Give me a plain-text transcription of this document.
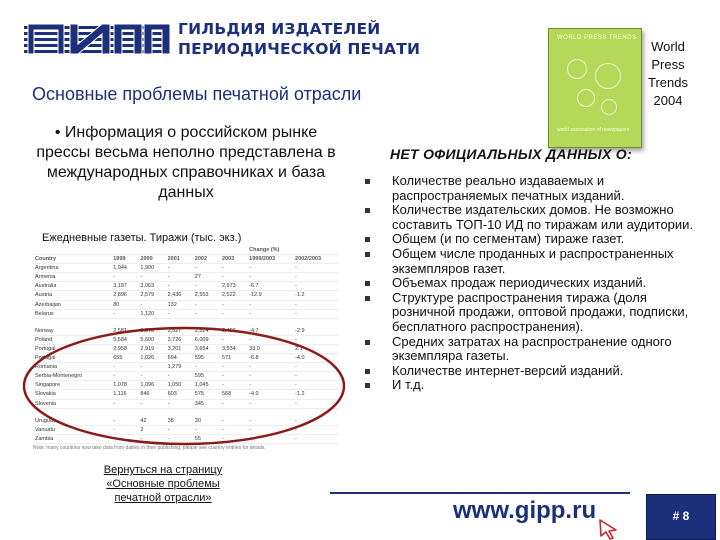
ГИЛЬДИЯ ИЗДАТЕЛЕЙ
ПЕРИОДИЧЕСКОЙ ПЕЧАТИ
WORLD PRESS TRENDS
world association of newspapers
World
Press
Trends
2004
Основные проблемы печатной отрасли
• Информация о российском рынке прессы весьма неполно представлена в международных справочниках и база данных
Ежедневные газеты. Тиражи (тыс. экз.)
						Change (%)	
Country	1999	2000	2001	2002	2003	1999/2003	2002/2003
Argentina	1,944	1,900	-	-	-	-	-
Armenia	-	-	-	27	-	-	-
Australia	3,187	3,063	-	-	2,973	-6.7	-
Austria	2,896	2,579	2,436	2,553	2,522	-12.9	-1.2
Azerbaijan	80	-	132	-	-	-	-
Belarus	-	1,120	-	-	-	-	-

Norway	2,581	2,578	2,527	2,524	2,459	-4.7	-2.9
Poland	5,584	5,600	3,726	6,009	-	-	-
Portugal	2,958	2,919	3,201	3,654	3,934	33.0	2.1
Portugal	655	1,026	694	595	571	-6.8	-4.0
Romania	-	-	1,279	-	-	-	-
Serbia-Montenegro	-	-	-	595	-	-	-
Singapore	1,078	1,096	1,050	1,045	-	-	-
Slovakia	1,116	846	603	575	568	-4.0	-1.2
Slovenia	-	-	-	345	-	-	-

Uruguay	-	42	38	30	-	-	-
Vanuatu	-	2	-	-	-	-	-
Zambia	-	-	-	55	-	-	-
Note: many countries now take data from dailies in their publishing, please see country entries for details.
Вернуться на страницу
«Основные проблемы
печатной отрасли»
НЕТ ОФИЦИАЛЬНЫХ ДАННЫХ О:
Количестве реально издаваемых и распространяемых печатных изданий.
Количестве издательских домов. Не возможно составить ТОП-10 ИД по тиражам или аудитории.
Общем (и по сегментам) тираже газет.
Общем числе проданных и распространенных экземпляров газет.
Объемах продаж периодических изданий.
Структуре распространения тиража (доля розничной продажи, оптовой продажи, подписки, бесплатного распространения).
Средних затратах на распространение одного экземпляра газеты.
Количестве интернет-версий изданий.
И т.д.
www.gipp.ru	# 8
